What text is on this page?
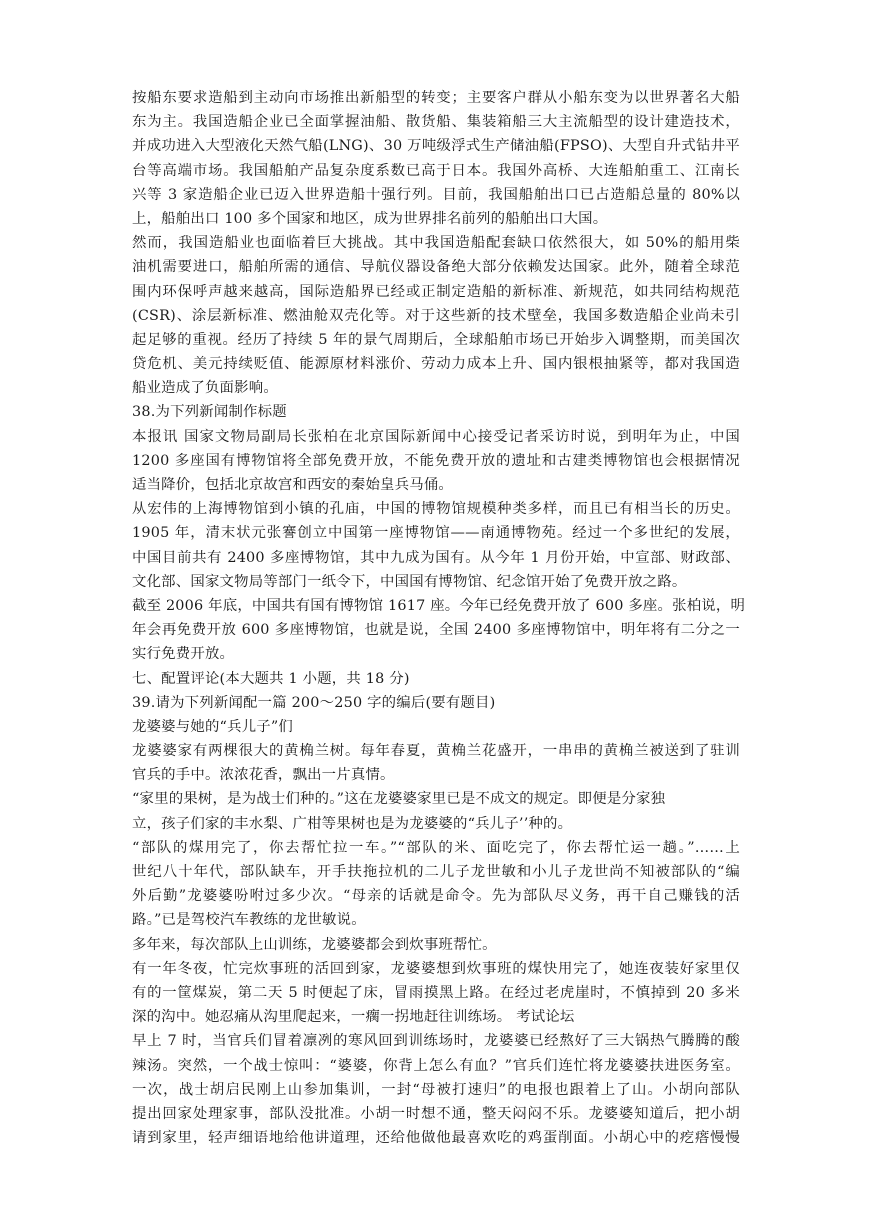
按船东要求造船到主动向市场推出新船型的转变；主要客户群从小船东变为以世界著名大船
东为主。我国造船企业已全面掌握油船、散货船、集装箱船三大主流船型的设计建造技术，
并成功进入大型液化天然气船(LNG)、30 万吨级浮式生产储油船(FPSO)、大型自升式钻井平
台等高端市场。我国船舶产品复杂度系数已高于日本。我国外高桥、大连船舶重工、江南长
兴等 3 家造船企业已迈入世界造船十强行列。目前，我国船舶出口已占造船总量的 80%以
上，船舶出口 100 多个国家和地区，成为世界排名前列的船舶出口大国。
然而，我国造船业也面临着巨大挑战。其中我国造船配套缺口依然很大，如 50%的船用柴
油机需要进口，船舶所需的通信、导航仪器设备绝大部分依赖发达国家。此外，随着全球范
围内环保呼声越来越高，国际造船界已经或正制定造船的新标准、新规范，如共同结构规范
(CSR)、涂层新标准、燃油舱双壳化等。对于这些新的技术壁垒，我国多数造船企业尚未引
起足够的重视。经历了持续 5 年的景气周期后，全球船舶市场已开始步入调整期，而美国次
贷危机、美元持续贬值、能源原材料涨价、劳动力成本上升、国内银根抽紧等，都对我国造
船业造成了负面影响。
38.为下列新闻制作标题
本报讯 国家文物局副局长张柏在北京国际新闻中心接受记者采访时说，到明年为止，中国
1200 多座国有博物馆将全部免费开放，不能免费开放的遗址和古建类博物馆也会根据情况
适当降价，包括北京故宫和西安的秦始皇兵马俑。
从宏伟的上海博物馆到小镇的孔庙，中国的博物馆规模种类多样，而且已有相当长的历史。
1905 年，清末状元张謇创立中国第一座博物馆——南通博物苑。经过一个多世纪的发展，
中国目前共有 2400 多座博物馆，其中九成为国有。从今年 1 月份开始，中宣部、财政部、
文化部、国家文物局等部门一纸令下，中国国有博物馆、纪念馆开始了免费开放之路。
截至 2006 年底，中国共有国有博物馆 1617 座。今年已经免费开放了 600 多座。张柏说，明
年会再免费开放 600 多座博物馆，也就是说，全国 2400 多座博物馆中，明年将有二分之一
实行免费开放。
七、配置评论(本大题共 1 小题，共 18 分)
39.请为下列新闻配一篇 200～250 字的编后(要有题目)
龙婆婆与她的“兵儿子”们
龙婆婆家有两棵很大的黄桷兰树。每年春夏，黄桷兰花盛开，一串串的黄桷兰被送到了驻训
官兵的手中。浓浓花香，飘出一片真情。
“家里的果树，是为战士们种的。”这在龙婆婆家里已是不成文的规定。即便是分家独
立，孩子们家的丰水梨、广柑等果树也是为龙婆婆的“兵儿子’’种的。
“部队的煤用完了，你去帮忙拉一车。”“部队的米、面吃完了，你去帮忙运一趟。”……上
世纪八十年代，部队缺车，开手扶拖拉机的二儿子龙世敏和小儿子龙世尚不知被部队的“编
外后勤”龙婆婆吩咐过多少次。“母亲的话就是命令。先为部队尽义务，再干自己赚钱的活
路。”已是驾校汽车教练的龙世敏说。
多年来，每次部队上山训练，龙婆婆都会到炊事班帮忙。
有一年冬夜，忙完炊事班的活回到家，龙婆婆想到炊事班的煤快用完了，她连夜装好家里仅
有的一筐煤炭，第二天 5 时便起了床，冒雨摸黑上路。在经过老虎崖时，不慎掉到 20 多米
深的沟中。她忍痛从沟里爬起来，一瘸一拐地赶往训练场。 考试论坛
早上 7 时，当官兵们冒着凛冽的寒风回到训练场时，龙婆婆已经熬好了三大锅热气腾腾的酸
辣汤。突然，一个战士惊叫：“婆婆，你背上怎么有血？”官兵们连忙将龙婆婆扶进医务室。
一次，战士胡启民刚上山参加集训，一封“母被打速归”的电报也跟着上了山。小胡向部队
提出回家处理家事，部队没批准。小胡一时想不通，整天闷闷不乐。龙婆婆知道后，把小胡
请到家里，轻声细语地给他讲道理，还给他做他最喜欢吃的鸡蛋削面。小胡心中的疙瘩慢慢
